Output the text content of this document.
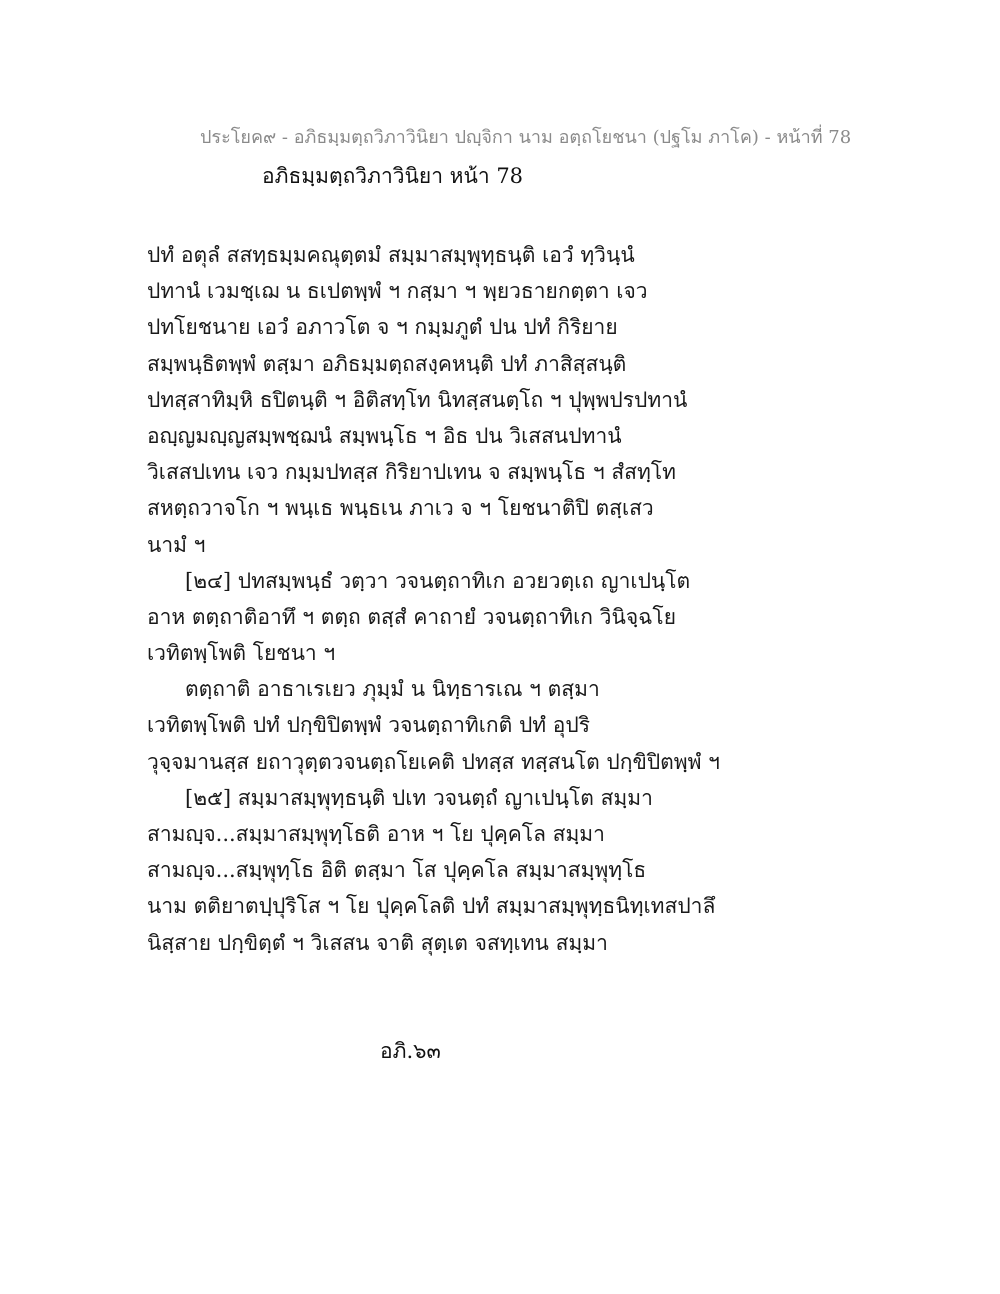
ประโยค๙ - อภิธมฺมตฺถวิภาวินิยา ปญฺจิกา นาม อตฺถโยชนา (ปฐโม ภาโค) - หน้าที่ 78
อภิธมฺมตฺถวิภาวินิยา หน้า 78
ปทํ อตุลํ สสทฺธมฺมคณุตฺตมํ สมฺมาสมฺพุทฺธนฺติ เอวํ ทฺวินฺนํ
ปทานํ เวมชฺเฌ น ธเปตพฺพํ ฯ กสฺมา ฯ พฺยวธายกตฺตา เจว
ปทโยชนาย เอวํ อภาวโต จ ฯ กมฺมภูตํ ปน ปทํ กิริยาย
สมฺพนฺธิตพฺพํ ตสฺมา อภิธมฺมตฺถสงฺคหนฺติ ปทํ ภาสิสฺสนฺติ
ปทสฺสาทิมฺหิ ธปิตนฺติ ฯ อิติสทฺโท นิทสฺสนตฺโถ ฯ ปุพฺพปรปทานํ
อญฺญมญฺญสมฺพชฺฌนํ สมฺพนฺโธ ฯ อิธ ปน วิเสสนปทานํ
วิเสสปเทน เจว กมฺมปทสฺส กิริยาปเทน จ สมฺพนฺโธ ฯ สํสทฺโท
สหตฺถวาจโก ฯ พนฺเธ พนฺธเน ภาเว จ ฯ โยชนาติปิ ตสฺเสว
นามํ ฯ
[๒๔] ปทสมฺพนฺธํ วตฺวา วจนตฺถาทิเก อวยวตฺเถ ญาเปนฺโต
อาห ตตฺถาติอาทึ ฯ ตตฺถ ตสฺสํ คาถายํ วจนตฺถาทิเก วินิจฺฉโย
เวทิตพฺโพติ โยชนา ฯ
ตตฺถาติ อาธาเรเยว ภุมฺมํ น นิทฺธารเณ ฯ ตสฺมา
เวทิตพฺโพติ ปทํ ปกฺขิปิตพฺพํ วจนตฺถาทิเกติ ปทํ อุปริ
วุจฺจมานสฺส ยถาวุตฺตวจนตฺถโยเคติ ปทสฺส ทสฺสนโต ปกฺขิปิตพฺพํ ฯ
[๒๕] สมฺมาสมฺพุทฺธนฺติ ปเท วจนตฺถํ ญาเปนฺโต สมฺมา
สามญฺจ...สมฺมาสมฺพุทฺโธติ อาห ฯ โย ปุคฺคโล สมฺมา
สามญฺจ...สมฺพุทฺโธ อิติ ตสฺมา โส ปุคฺคโล สมฺมาสมฺพุทฺโธ
นาม ตติยาตปฺปุริโส ฯ โย ปุคฺคโลติ ปทํ สมฺมาสมฺพุทฺธนิทฺเทสปาลึ
นิสฺสาย ปกฺขิตฺตํ ฯ วิเสสน จาติ สุตฺเต จสทฺเทน สมฺมา
อภิ.๖๓
